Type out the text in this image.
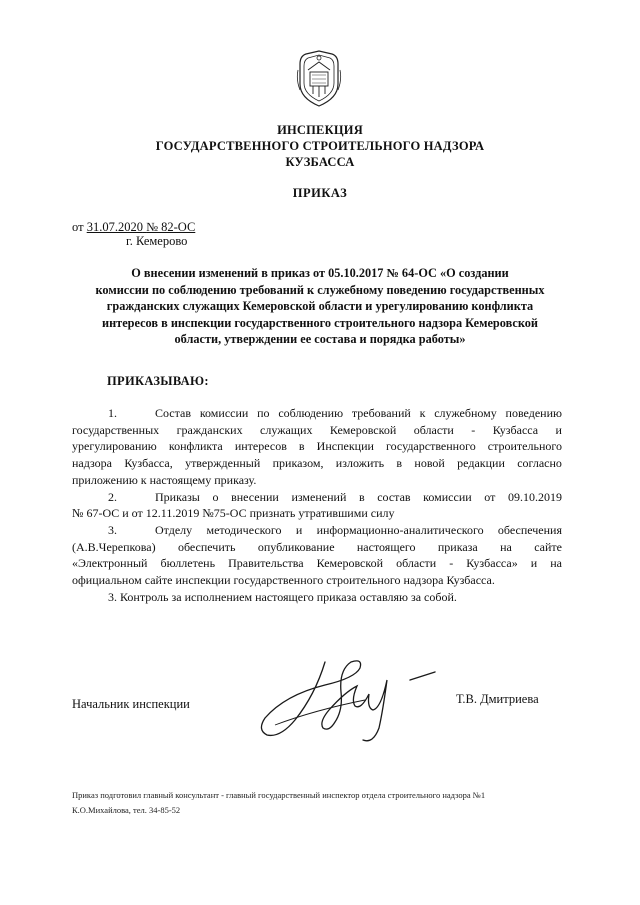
ИНСПЕКЦИЯ
ГОСУДАРСТВЕННОГО СТРОИТЕЛЬНОГО НАДЗОРА
КУЗБАССА
ПРИКАЗ
от 31.07.2020 № 82-ОС
г. Кемерово
О внесении изменений в приказ от 05.10.2017 № 64-ОС «О создании
комиссии по соблюдению требований к служебному поведению государственных
гражданских служащих Кемеровской области и урегулированию конфликта
интересов в инспекции государственного строительного надзора Кемеровской
области, утверждении ее состава и порядка работы»
ПРИКАЗЫВАЮ:
1.	Состав комиссии по соблюдению требований к служебному поведению
государственных гражданских служащих Кемеровской области - Кузбасса и
урегулированию конфликта интересов в Инспекции государственного строительного
надзора Кузбасса, утвержденный приказом, изложить в новой редакции согласно
приложению к настоящему приказу.
2.	Приказы о внесении изменений в состав комиссии от 09.10.2019
№ 67-ОС и от 12.11.2019 №75-ОС признать утратившими силу
3.	Отделу методического и информационно-аналитического обеспечения
(А.В.Черепкова) обеспечить опубликование настоящего приказа на сайте
«Электронный бюллетень Правительства Кемеровской области - Кузбасса» и на
официальном сайте инспекции государственного строительного надзора Кузбасса.
3. Контроль за исполнением настоящего приказа оставляю за собой.
Начальник инспекции	Т.В. Дмитриева
Приказ подготовил главный консультант - главный государственный инспектор отдела строительного надзора №1
К.О.Михайлова, тел. 34-85-52
